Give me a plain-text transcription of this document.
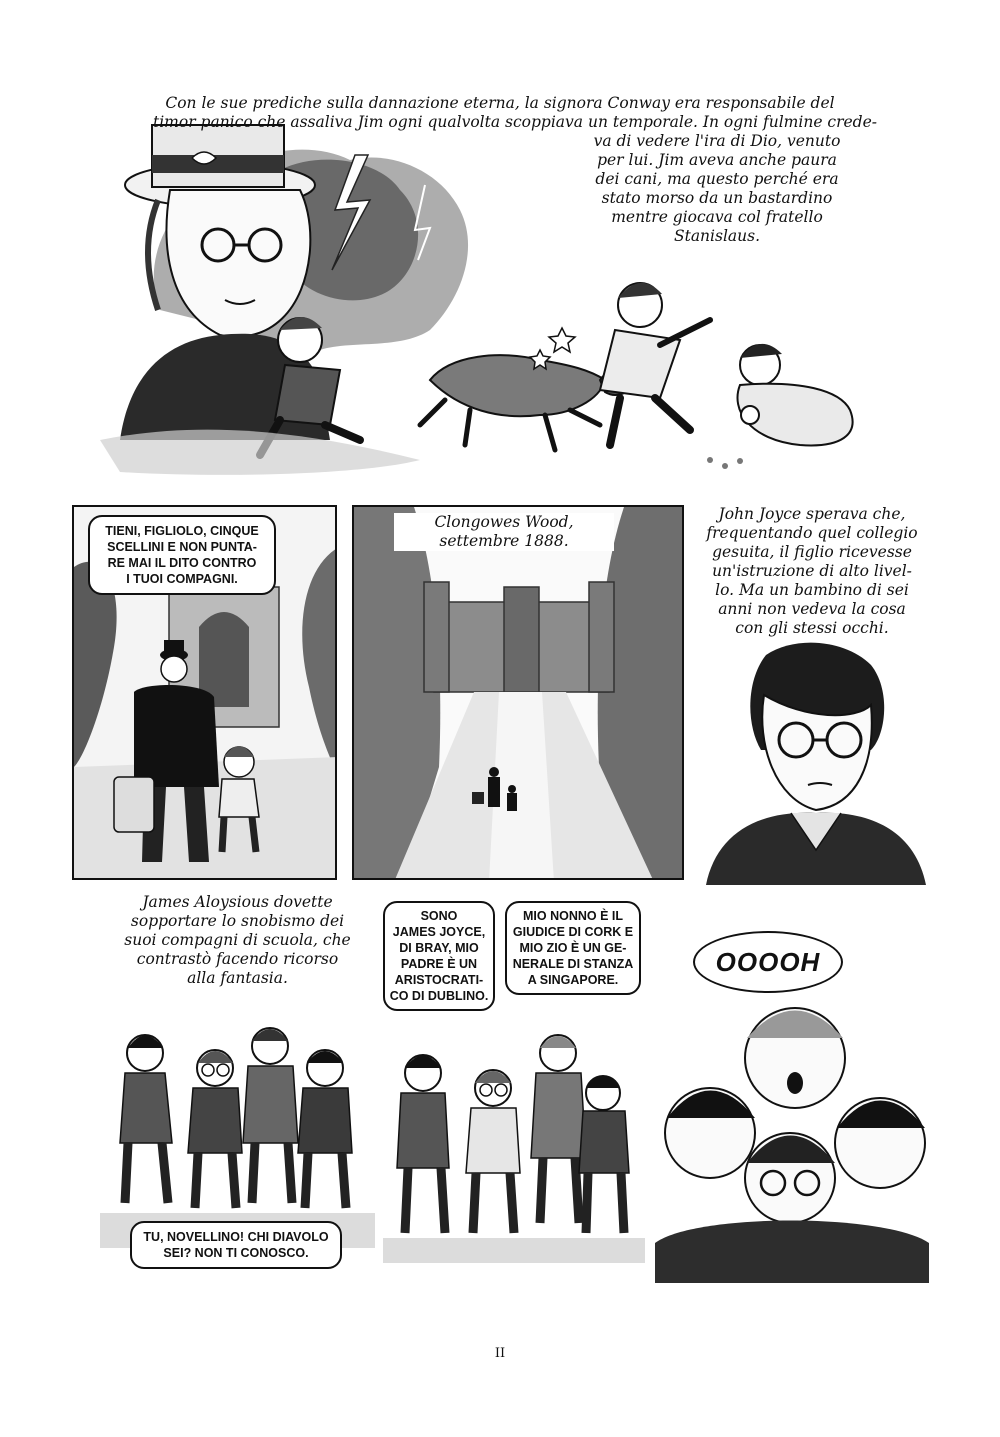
Con le sue prediche sulla dannazione eterna, la signora Conway era responsabile del
timor panico che assaliva Jim ogni qualvolta scoppiava un temporale. In ogni fulmine crede-
va di vedere l'ira di Dio, venuto
per lui. Jim aveva anche paura
dei cani, ma questo perché era
stato morso da un bastardino
mentre giocava col fratello
Stanislaus.
TIENI, FIGLIOLO, CINQUE
SCELLINI E NON PUNTA-
RE MAI IL DITO CONTRO
I TUOI COMPAGNI.
Clongowes Wood,
settembre 1888.
John Joyce sperava che,
frequentando quel collegio
gesuita, il figlio ricevesse
un'istruzione di alto livel-
lo. Ma un bambino di sei
anni non vedeva la cosa
con gli stessi occhi.
James Aloysious dovette
sopportare lo snobismo dei
suoi compagni di scuola, che
contrastò facendo ricorso
alla fantasia.
TU, NOVELLINO! CHI DIAVOLO
SEI? NON TI CONOSCO.
SONO
JAMES JOYCE,
DI BRAY, MIO
PADRE È UN
ARISTOCRATI-
CO DI DUBLINO.
MIO NONNO È IL
GIUDICE DI CORK E
MIO ZIO È UN GE-
NERALE DI STANZA
A SINGAPORE.
OOOOH
II
